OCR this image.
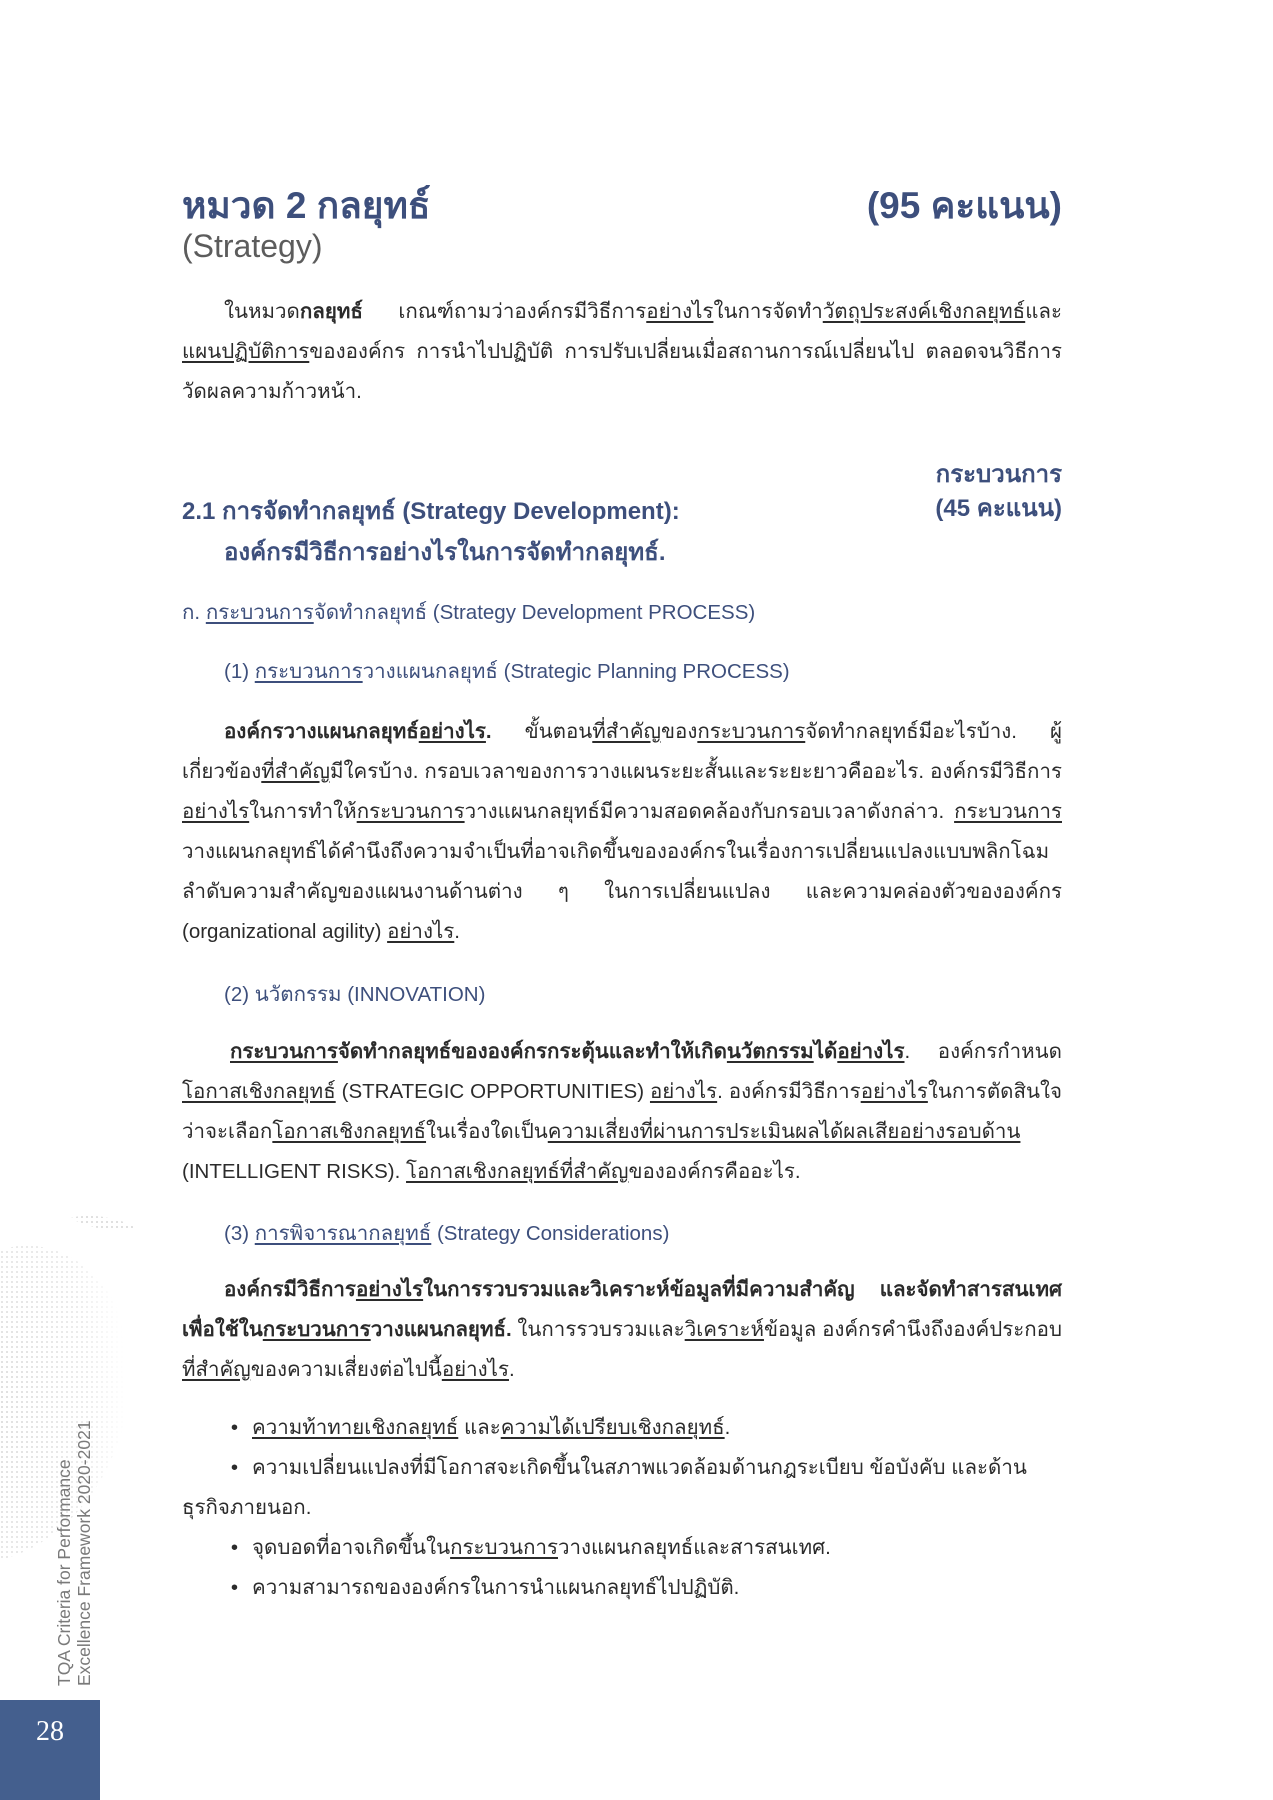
หมวด 2 กลยุทธ์	(95 คะแนน)
(Strategy)
ในหมวดกลยุทธ์ เกณฑ์ถามว่าองค์กรมีวิธีการอย่างไรในการจัดทำวัตถุประสงค์เชิงกลยุทธ์และแผนปฏิบัติการขององค์กร การนำไปปฏิบัติ การปรับเปลี่ยนเมื่อสถานการณ์เปลี่ยนไป ตลอดจนวิธีการวัดผลความก้าวหน้า.
กระบวนการ
(45 คะแนน)
2.1 การจัดทำกลยุทธ์ (Strategy Development):
องค์กรมีวิธีการอย่างไรในการจัดทำกลยุทธ์.
ก. กระบวนการจัดทำกลยุทธ์ (Strategy Development PROCESS)
(1) กระบวนการวางแผนกลยุทธ์ (Strategic Planning PROCESS)
องค์กรวางแผนกลยุทธ์อย่างไร. ขั้นตอนที่สำคัญของกระบวนการจัดทำกลยุทธ์มีอะไรบ้าง. ผู้เกี่ยวข้องที่สำคัญมีใครบ้าง. กรอบเวลาของการวางแผนระยะสั้นและระยะยาวคืออะไร. องค์กรมีวิธีการอย่างไรในการทำให้กระบวนการวางแผนกลยุทธ์มีความสอดคล้องกับกรอบเวลาดังกล่าว. กระบวนการวางแผนกลยุทธ์ได้คำนึงถึงความจำเป็นที่อาจเกิดขึ้นขององค์กรในเรื่องการเปลี่ยนแปลงแบบพลิกโฉม ลำดับความสำคัญของแผนงานด้านต่าง ๆ ในการเปลี่ยนแปลง และความคล่องตัวขององค์กร (organizational agility) อย่างไร.
(2) นวัตกรรม (INNOVATION)
กระบวนการจัดทำกลยุทธ์ขององค์กรกระตุ้นและทำให้เกิดนวัตกรรมได้อย่างไร. องค์กรกำหนดโอกาสเชิงกลยุทธ์ (STRATEGIC OPPORTUNITIES) อย่างไร. องค์กรมีวิธีการอย่างไรในการตัดสินใจว่าจะเลือกโอกาสเชิงกลยุทธ์ในเรื่องใดเป็นความเสี่ยงที่ผ่านการประเมินผลได้ผลเสียอย่างรอบด้าน (INTELLIGENT RISKS). โอกาสเชิงกลยุทธ์ที่สำคัญขององค์กรคืออะไร.
(3) การพิจารณากลยุทธ์ (Strategy Considerations)
องค์กรมีวิธีการอย่างไรในการรวบรวมและวิเคราะห์ข้อมูลที่มีความสำคัญ และจัดทำสารสนเทศเพื่อใช้ในกระบวนการวางแผนกลยุทธ์. ในการรวบรวมและวิเคราะห์ข้อมูล องค์กรคำนึงถึงองค์ประกอบที่สำคัญของความเสี่ยงต่อไปนี้อย่างไร.
• ความท้าทายเชิงกลยุทธ์ และความได้เปรียบเชิงกลยุทธ์.
• ความเปลี่ยนแปลงที่มีโอกาสจะเกิดขึ้นในสภาพแวดล้อมด้านกฎระเบียบ ข้อบังคับ และด้าน
ธุรกิจภายนอก.
• จุดบอดที่อาจเกิดขึ้นในกระบวนการวางแผนกลยุทธ์และสารสนเทศ.
• ความสามารถขององค์กรในการนำแผนกลยุทธ์ไปปฏิบัติ.
TQA Criteria for Performance Excellence Framework 2020-2021
28
